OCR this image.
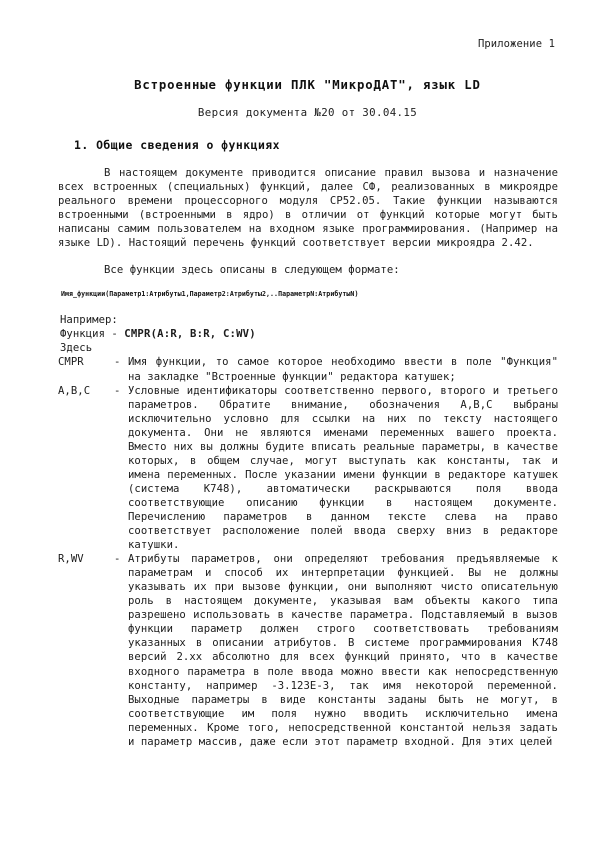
Приложение 1
Встроенные функции ПЛК "МикроДАТ", язык LD
Версия документа №20 от 30.04.15
1. Общие сведения о функциях

В настоящем документе приводится описание правил вызова и назначение всех встроенных (специальных) функций, далее СФ, реализованных в микроядре реального времени процессорного модуля CP52.05. Такие функции называются встроенными (встроенными в ядро) в отличии от функций которые могут быть написаны самим пользователем на входном языке программирования. (Например на языке LD). Настоящий перечень функций соответствует версии микроядра 2.42.

Все функции здесь описаны в следующем формате:

Имя_функции(Параметр1:Атрибуты1,Параметр2:Атрибуты2,..ПараметрN:АтрибутыN)
Например:
Функция - CMPR(A:R, B:R, C:WV)
Здесь
CMPR	- Имя функции, то самое которое необходимо ввести в поле "Функция" на закладке "Встроенные функции" редактора катушек;
A,B,C	- Условные идентификаторы соответственно первого, второго и третьего параметров. Обратите внимание, обозначения A,B,C выбраны исключительно условно для ссылки на них по тексту настоящего документа. Они не являются именами переменных вашего проекта. Вместо них вы должны будите вписать реальные параметры, в качестве которых, в общем случае, могут выступать как константы, так и имена переменных. После указании имени функции в редакторе катушек (система K748), автоматически раскрываются поля ввода соответствующие описанию функции в настоящем документе. Перечислению параметров в данном тексте слева на право соответствует расположение полей ввода сверху вниз в редакторе катушки.
R,WV	- Атрибуты параметров, они определяют требования предъявляемые к параметрам и способ их интерпретации функцией. Вы не должны указывать их при вызове функции, они выполняют чисто описательную роль в настоящем документе, указывая вам объекты какого типа разрешено использовать в качестве параметра. Подставляемый в вызов функции параметр должен строго соответствовать требованиям указанных в описании атрибутов. В системе программирования K748 версий 2.xx абсолютно для всех функций принято, что в качестве входного параметра в поле ввода можно ввести как непосредственную константу, например -3.123E-3, так имя некоторой переменной. Выходные параметры в виде константы заданы быть не могут, в соответствующие им поля нужно вводить исключительно имена переменных. Кроме того, непосредственной константой нельзя задать и параметр массив, даже если этот параметр входной. Для этих целей
